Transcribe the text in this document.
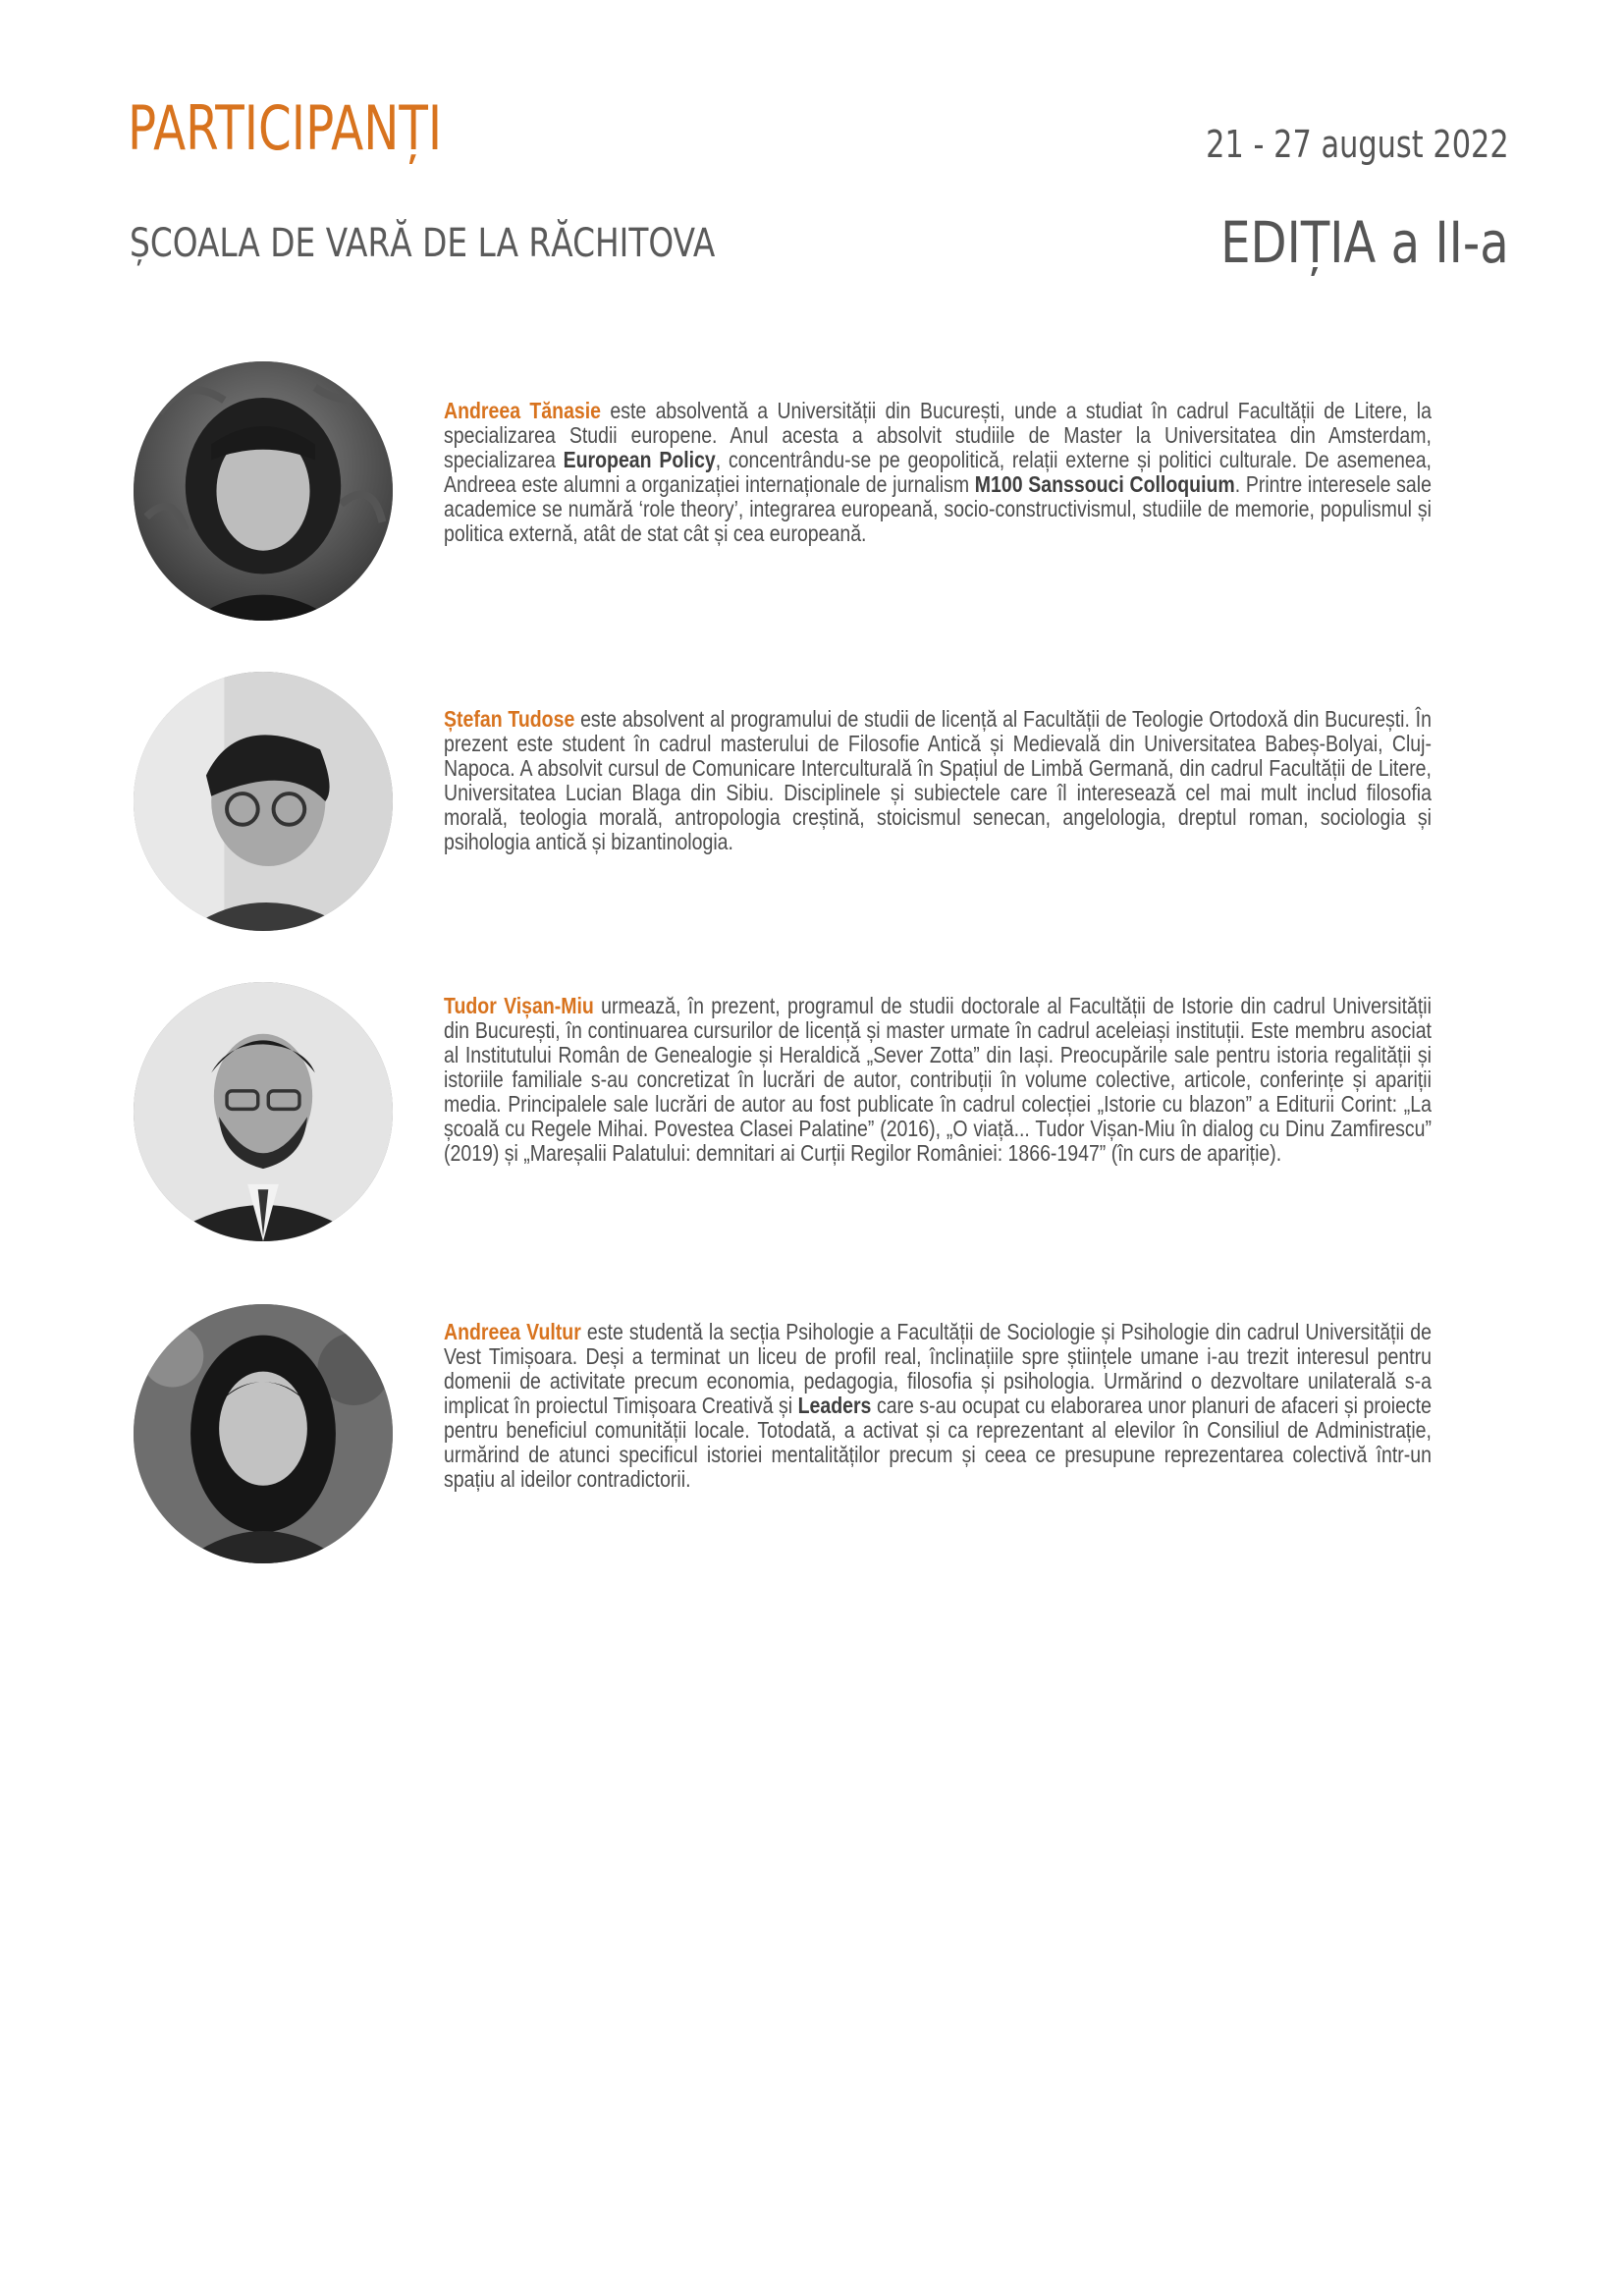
PARTICIPANȚI
ȘCOALA DE VARĂ DE LA RĂCHITOVA
21 - 27 august 2022
EDIȚIA a II-a

Andreea Tănasie este absolventă a Universității din București, unde a studiat în cadrul Facultății de Litere, la specializarea Studii europene. Anul acesta a absolvit studiile de Master la Universitatea din Amsterdam, specializarea European Policy, concentrându-se pe geopolitică, relații externe și politici culturale. De asemenea, Andreea este alumni a organizației internaționale de jurnalism M100 Sanssouci Colloquium. Printre interesele sale academice se numără ‘role theory’, integrarea europeană, socio-constructivismul, studiile de memorie, populismul și politica externă, atât de stat cât și cea europeană.

Ștefan Tudose este absolvent al programului de studii de licență al Facultății de Teologie Ortodoxă din București. În prezent este student în cadrul masterului de Filosofie Antică și Medievală din Universitatea Babeș-Bolyai, Cluj-Napoca. A absolvit cursul de Comunicare Interculturală în Spațiul de Limbă Germană, din cadrul Facultății de Litere, Universitatea Lucian Blaga din Sibiu. Disciplinele și subiectele care îl interesează cel mai mult includ filosofia morală, teologia morală, antropologia creștină, stoicismul senecan, angelologia, dreptul roman, sociologia și psihologia antică și bizantinologia.

Tudor Vișan-Miu urmează, în prezent, programul de studii doctorale al Facultății de Istorie din cadrul Universității din București, în continuarea cursurilor de licență și master urmate în cadrul aceleiași instituții. Este membru asociat al Institutului Român de Genealogie și Heraldică „Sever Zotta” din Iași. Preocupările sale pentru istoria regalității și istoriile familiale s-au concretizat în lucrări de autor, contribuții în volume colective, articole, conferințe și apariții media. Principalele sale lucrări de autor au fost publicate în cadrul colecției „Istorie cu blazon” a Editurii Corint: „La școală cu Regele Mihai. Povestea Clasei Palatine” (2016), „O viață... Tudor Vișan-Miu în dialog cu Dinu Zamfirescu” (2019) și „Mareșalii Palatului: demnitari ai Curții Regilor României: 1866-1947” (în curs de apariție).

Andreea Vultur este studentă la secția Psihologie a Facultății de Sociologie și Psihologie din cadrul Universității de Vest Timișoara. Deși a terminat un liceu de profil real, înclinațiile spre științele umane i-au trezit interesul pentru domenii de activitate precum economia, pedagogia, filosofia și psihologia. Urmărind o dezvoltare unilaterală s-a implicat în proiectul Timișoara Creativă și Leaders care s-au ocupat cu elaborarea unor planuri de afaceri și proiecte pentru beneficiul comunității locale. Totodată, a activat și ca reprezentant al elevilor în Consiliul de Administrație, urmărind de atunci specificul istoriei mentalităților precum și ceea ce presupune reprezentarea colectivă într-un spațiu al ideilor contradictorii.
